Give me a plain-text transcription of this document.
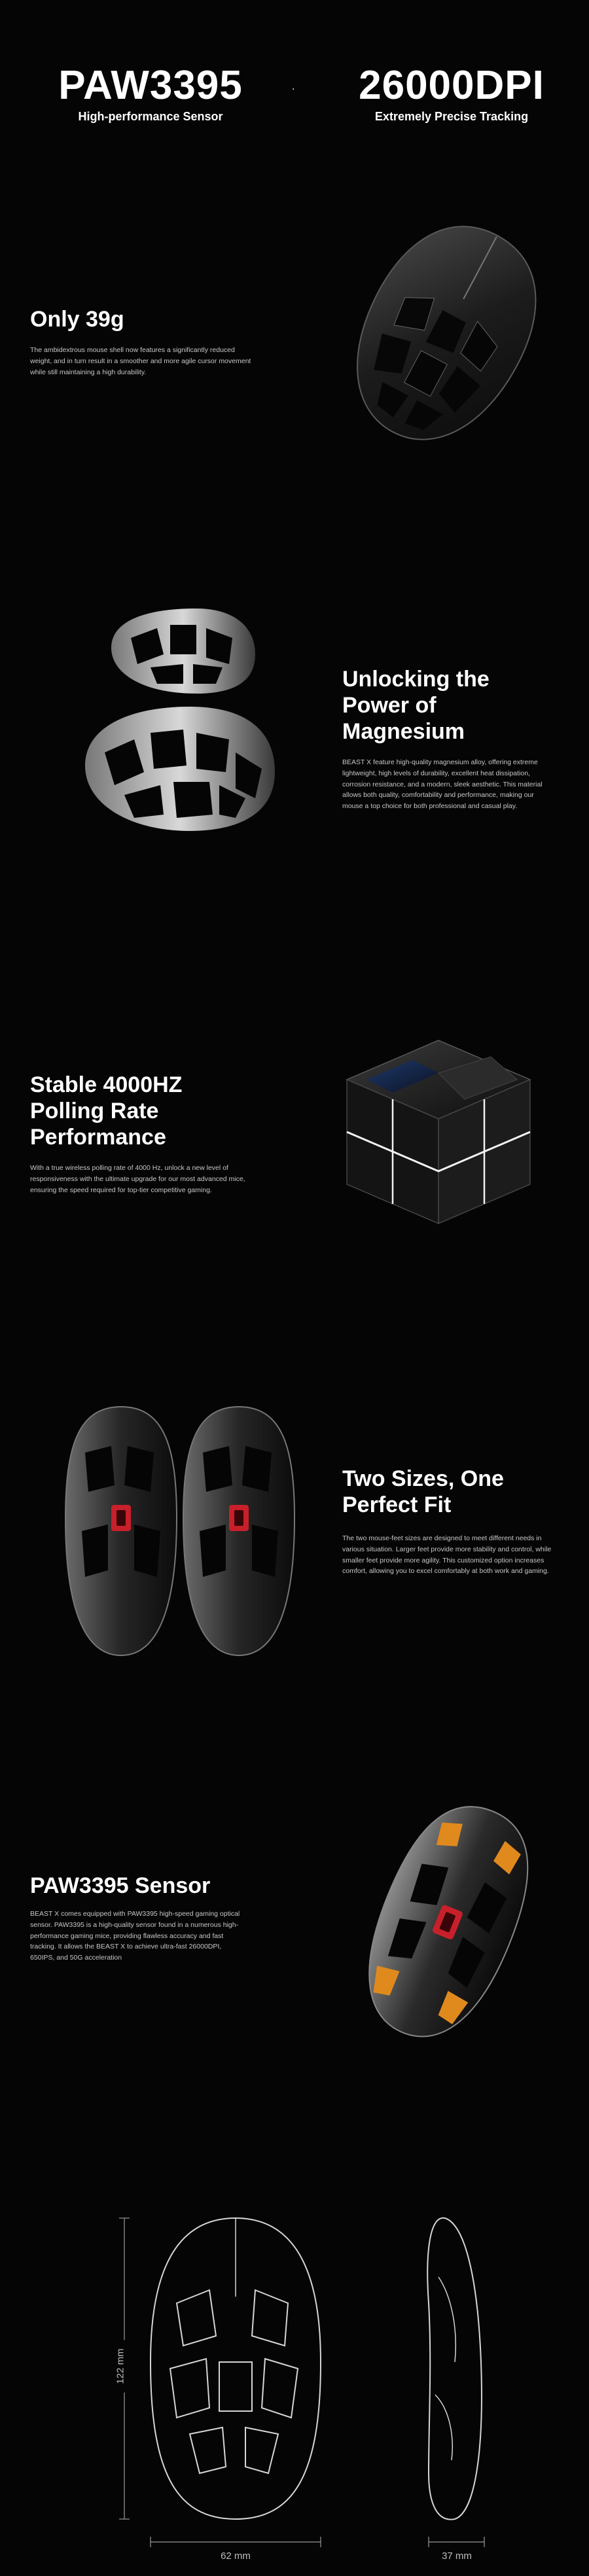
PAW3395
High-performance Sensor
.	26000DPI
Extremely Precise Tracking
Only 39g
The ambidextrous mouse shell now features a significantly reduced weight, and in turn result in a smoother and more agile cursor movement while still maintaining a high durability.
Unlocking the
Power of
Magnesium
BEAST X feature high-quality magnesium alloy, offering extreme lightweight, high levels of durability, excellent heat dissipation, corrosion resistance, and a modern, sleek aesthetic. This material allows both quality, comfortability and performance, making our mouse a top choice for both professional and casual play.
Stable 4000HZ
Polling Rate
Performance
With a true wireless polling rate of 4000 Hz, unlock a new level of responsiveness with the ultimate upgrade for our most advanced mice, ensuring the speed required for top-tier competitive gaming.
Two Sizes, One
Perfect Fit
The two mouse-feet sizes are designed to meet different needs in various situation. Larger feet provide more stability and control, while smaller feet provide more agility. This customized option increases comfort, allowing you to excel comfortably at both work and gaming.
PAW3395 Sensor
BEAST X comes equipped with PAW3395 high-speed gaming optical sensor. PAW3395 is a high-quality sensor found in a numerous high-performance gaming mice, providing flawless accuracy and fast tracking. It allows the BEAST X to achieve ultra-fast 26000DPI, 650IPS, and 50G acceleration
122 mm
62 mm	37 mm
